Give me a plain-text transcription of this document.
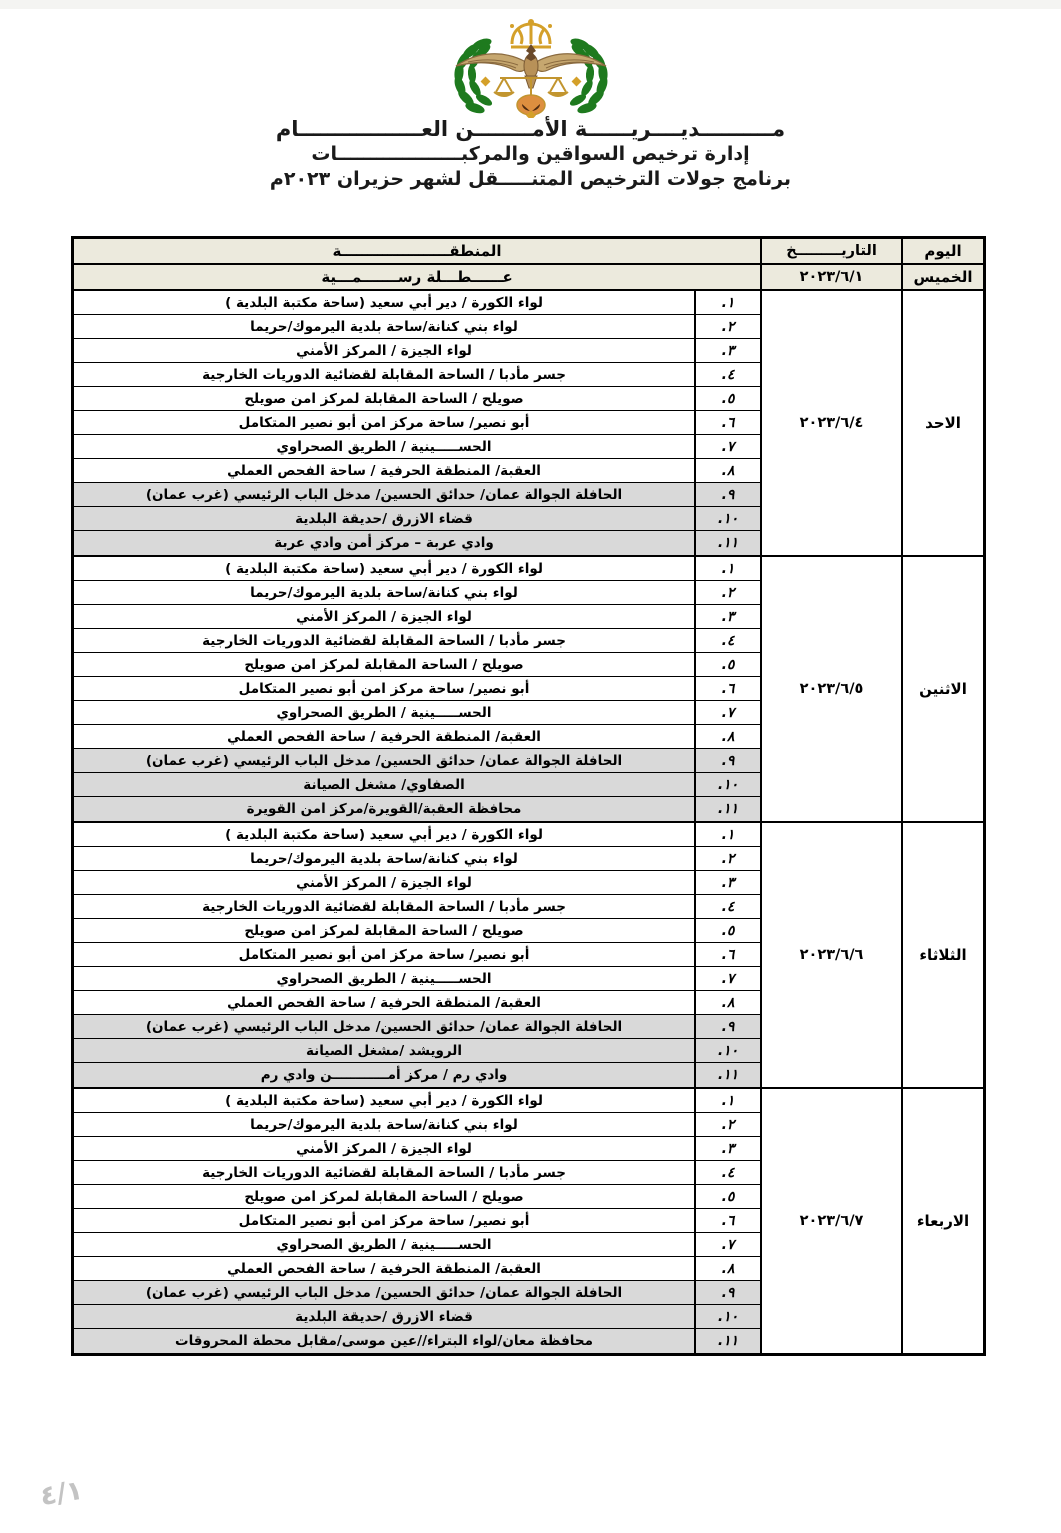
مــــــــــديــــريــــــة الأمــــــــن العـــــــــــــــــام
إدارة ترخيص السواقين والمركبـــــــــــــــــــات
برنامج جولات الترخيص المتنـــــقل لشهر حزيران ٢٠٢٣م
اليوم
التاريـــــــــخ
المنطقـــــــــــــــــــــة
الخميس
٢٠٢٣/٦/١
عــــــطـــلة رســـــــمـــية
الاحد
٢٠٢٣/٦/٤
١.
لواء الكورة / دير أبي سعيد (ساحة مكتبة البلدية )
٢.
لواء بني كنانة/ساحة بلدية اليرموك/حريما
٣.
لواء الجيزة / المركز الأمني
٤.
جسر مأدبا / الساحة المقابلة لقضائية الدوريات الخارجية
٥.
صويلح / الساحة المقابلة لمركز امن صويلح
٦.
أبو نصير/ ساحة مركز امن أبو نصير المتكامل
٧.
الحســـــينية / الطريق الصحراوي
٨.
العقبة/ المنطقة الحرفية / ساحة الفحص العملي
٩.
الحافلة الجوالة عمان/ حدائق الحسين/ مدخل الباب الرئيسي (غرب عمان)
١٠.
قضاء الازرق /حديقة البلدية
١١.
وادي عربة – مركز أمن وادي عربة
الاثنين
٢٠٢٣/٦/٥
١.
لواء الكورة / دير أبي سعيد (ساحة مكتبة البلدية )
٢.
لواء بني كنانة/ساحة بلدية اليرموك/حريما
٣.
لواء الجيزة / المركز الأمني
٤.
جسر مأدبا / الساحة المقابلة لقضائية الدوريات الخارجية
٥.
صويلح / الساحة المقابلة لمركز امن صويلح
٦.
أبو نصير/ ساحة مركز امن أبو نصير المتكامل
٧.
الحســـــينية / الطريق الصحراوي
٨.
العقبة/ المنطقة الحرفية / ساحة الفحص العملي
٩.
الحافلة الجوالة عمان/ حدائق الحسين/ مدخل الباب الرئيسي (غرب عمان)
١٠.
الصفاوي/ مشغل الصيانة
١١.
محافظة العقبة/القويرة/مركز امن القويرة
الثلاثاء
٢٠٢٣/٦/٦
١.
لواء الكورة / دير أبي سعيد (ساحة مكتبة البلدية )
٢.
لواء بني كنانة/ساحة بلدية اليرموك/حريما
٣.
لواء الجيزة / المركز الأمني
٤.
جسر مأدبا / الساحة المقابلة لقضائية الدوريات الخارجية
٥.
صويلح / الساحة المقابلة لمركز امن صويلح
٦.
أبو نصير/ ساحة مركز امن أبو نصير المتكامل
٧.
الحســـــينية / الطريق الصحراوي
٨.
العقبة/ المنطقة الحرفية / ساحة الفحص العملي
٩.
الحافلة الجوالة عمان/ حدائق الحسين/ مدخل الباب الرئيسي (غرب عمان)
١٠.
الرويشد /مشغل الصيانة
١١.
وادي رم / مركز أمــــــــــــن وادي رم
الاربعاء
٢٠٢٣/٦/٧
١.
لواء الكورة / دير أبي سعيد (ساحة مكتبة البلدية )
٢.
لواء بني كنانة/ساحة بلدية اليرموك/حريما
٣.
لواء الجيزة / المركز الأمني
٤.
جسر مأدبا / الساحة المقابلة لقضائية الدوريات الخارجية
٥.
صويلح / الساحة المقابلة لمركز امن صويلح
٦.
أبو نصير/ ساحة مركز امن أبو نصير المتكامل
٧.
الحســـــينية / الطريق الصحراوي
٨.
العقبة/ المنطقة الحرفية / ساحة الفحص العملي
٩.
الحافلة الجوالة عمان/ حدائق الحسين/ مدخل الباب الرئيسي (غرب عمان)
١٠.
قضاء الازرق /حديقة البلدية
١١.
محافظة معان/لواء البتراء//عين موسى/مقابل محطة المحروقات
٤/١
